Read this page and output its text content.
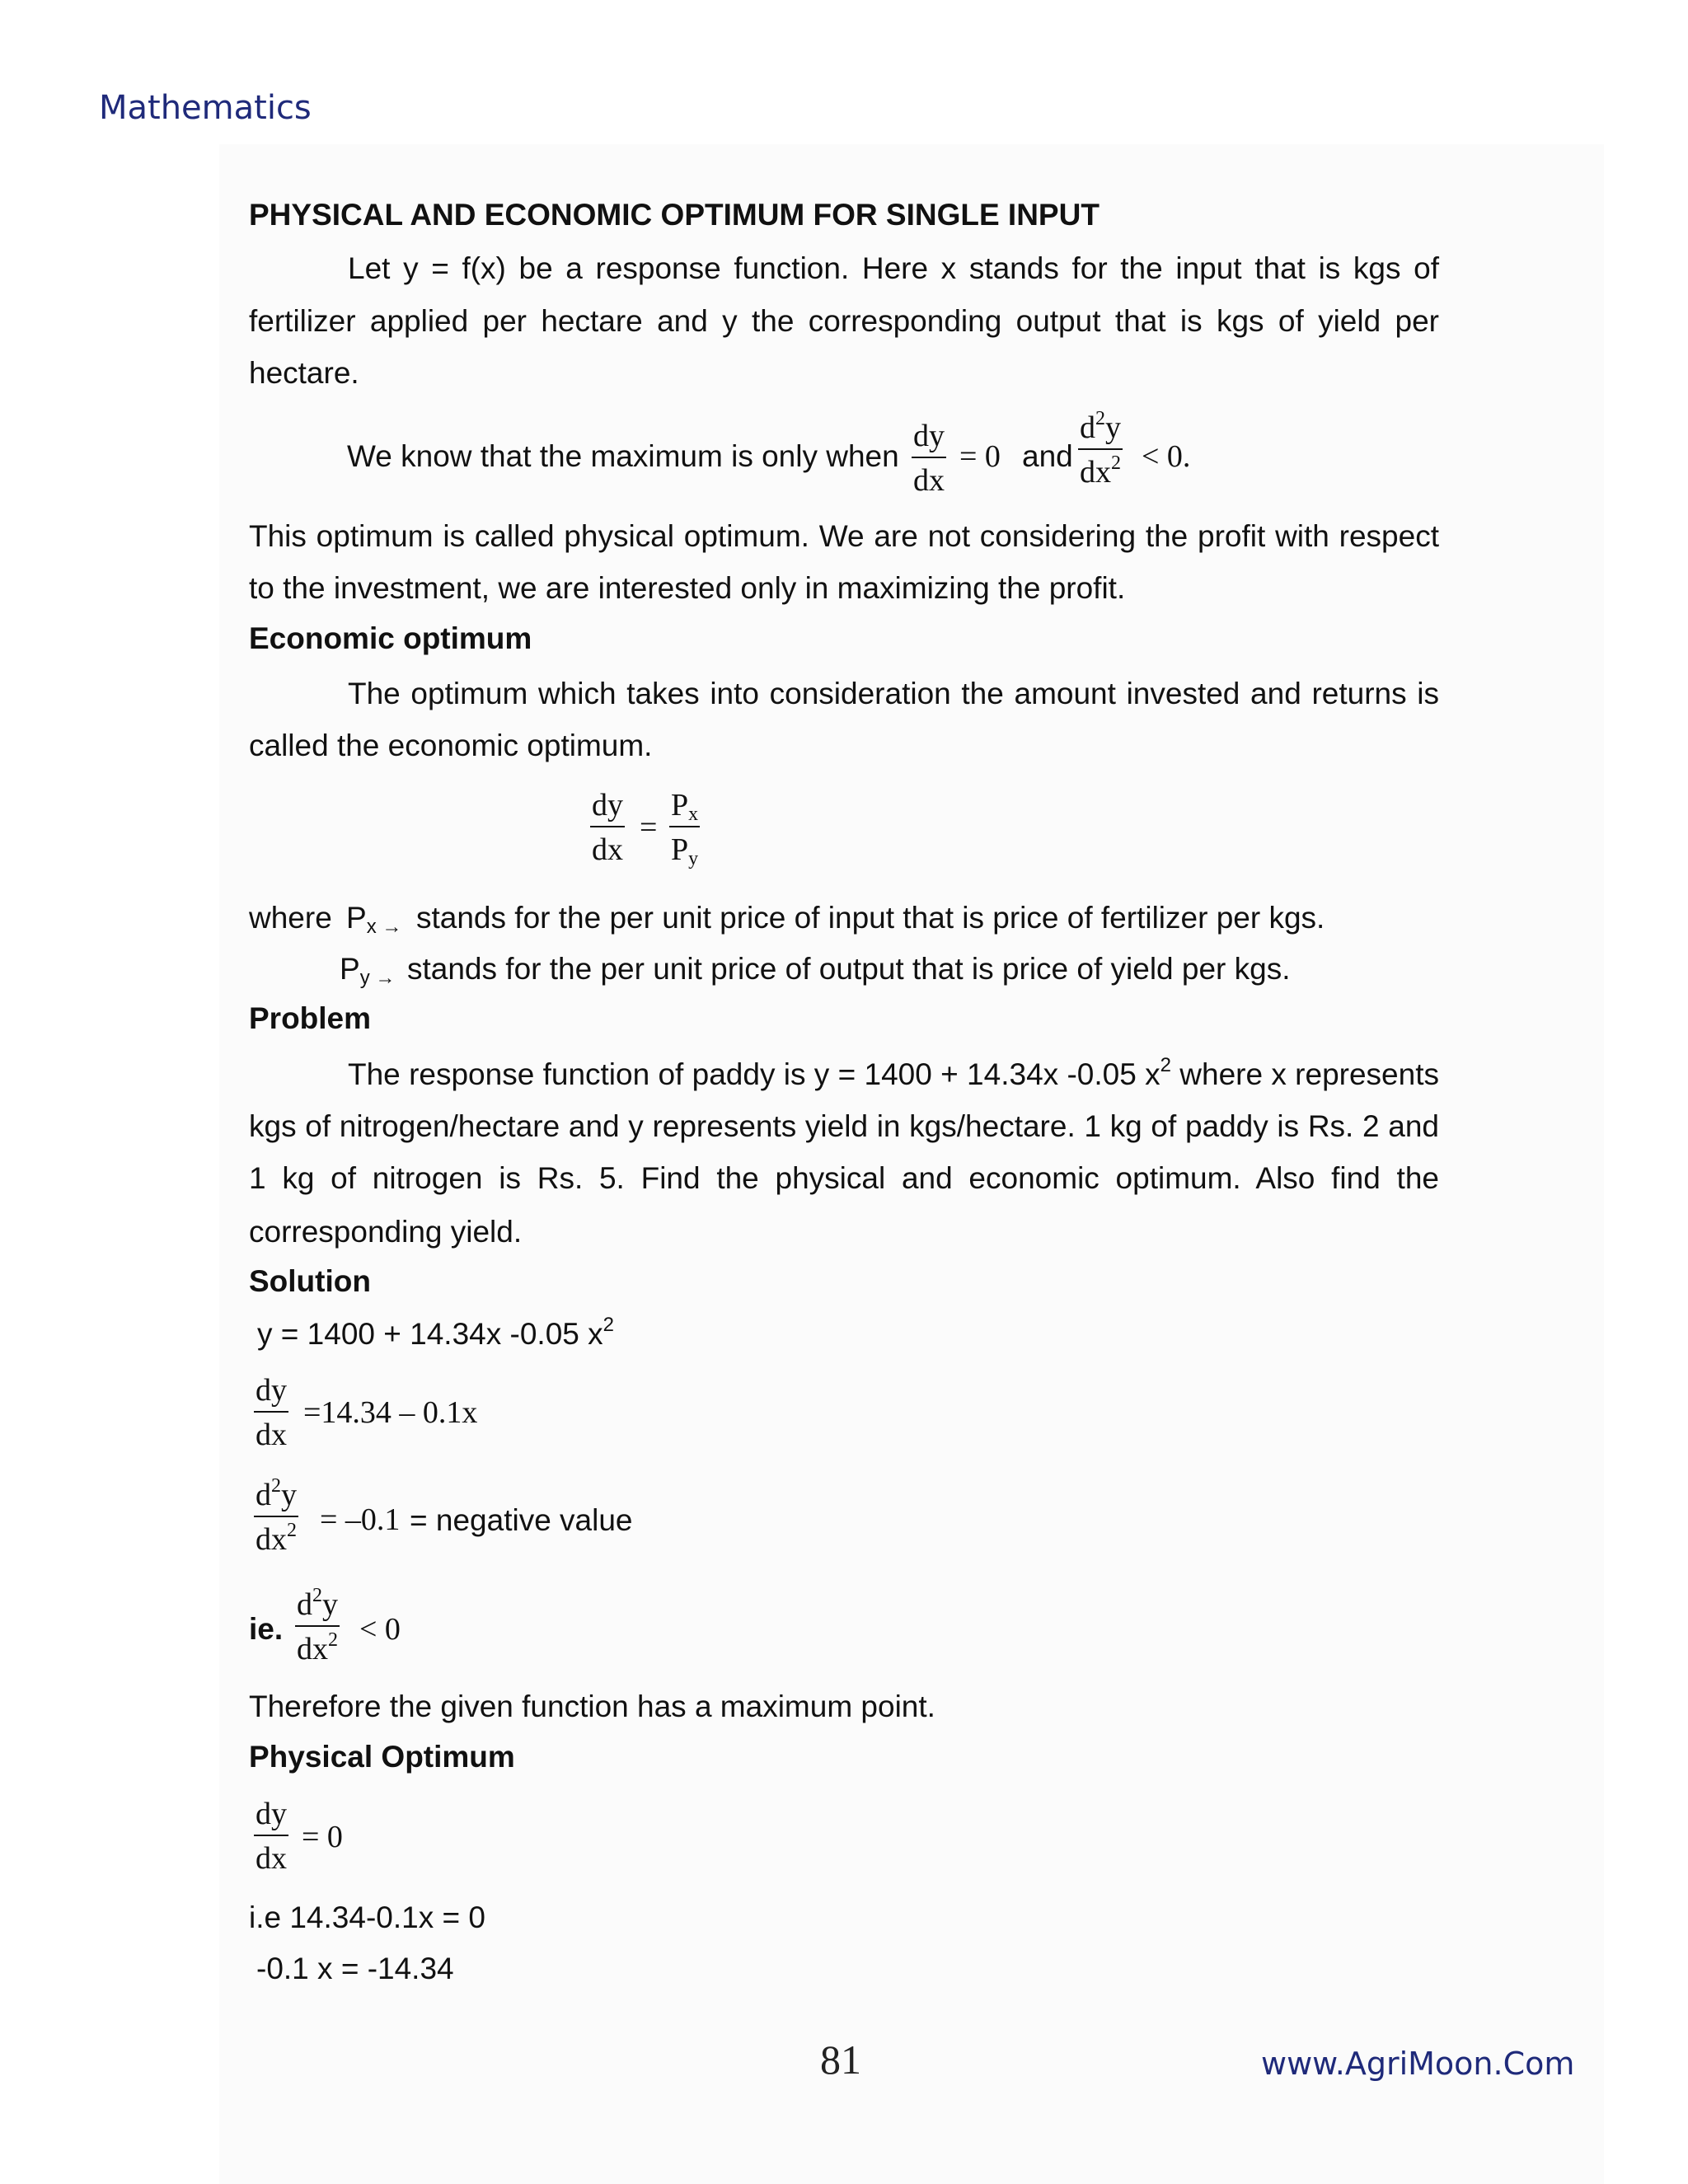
Mathematics
PHYSICAL AND ECONOMIC OPTIMUM FOR SINGLE INPUT
Let y = f(x) be a response function. Here x stands for the input that is kgs of
fertilizer applied per hectare and y the corresponding output that is kgs of yield per
hectare.
We know that the maximum is only when
dy
dx
= 0 and
$d^2y$
$dx^2 < 0$.
This optimum is called physical optimum. We are not considering the profit with respect
to the investment, we are interested only in maximizing the profit.
Economic optimum
The optimum which takes into consideration the amount invested and returns is
called the economic optimum.
dy
dx
=
$P_x$
$P_y$
where $P_{x \to}$ stands for the per unit price of input that is price of fertilizer per kgs.
$P_{y \to}$ stands for the per unit price of output that is price of yield per kgs.
Problem
The response function of paddy is y = 1400 + 14.34x -0.05 $x^2$ where x represents
kgs of nitrogen/hectare and y represents yield in kgs/hectare. 1 kg of paddy is Rs. 2 and
1 kg of nitrogen is Rs. 5. Find the physical and economic optimum. Also find the
corresponding yield.
Solution
y = 1400 + 14.34x -0.05 $x^2$
dy
dx
=14.34 – 0.1x
$d^2y$
$dx^2 = -0.1$ = negative value
ie.
$d^2y$
$dx^2 < 0$
Therefore the given function has a maximum point.
Physical Optimum
dy
dx
= 0
i.e 14.34-0.1x = 0
-0.1 x = -14.34
81	www.AgriMoon.Com
